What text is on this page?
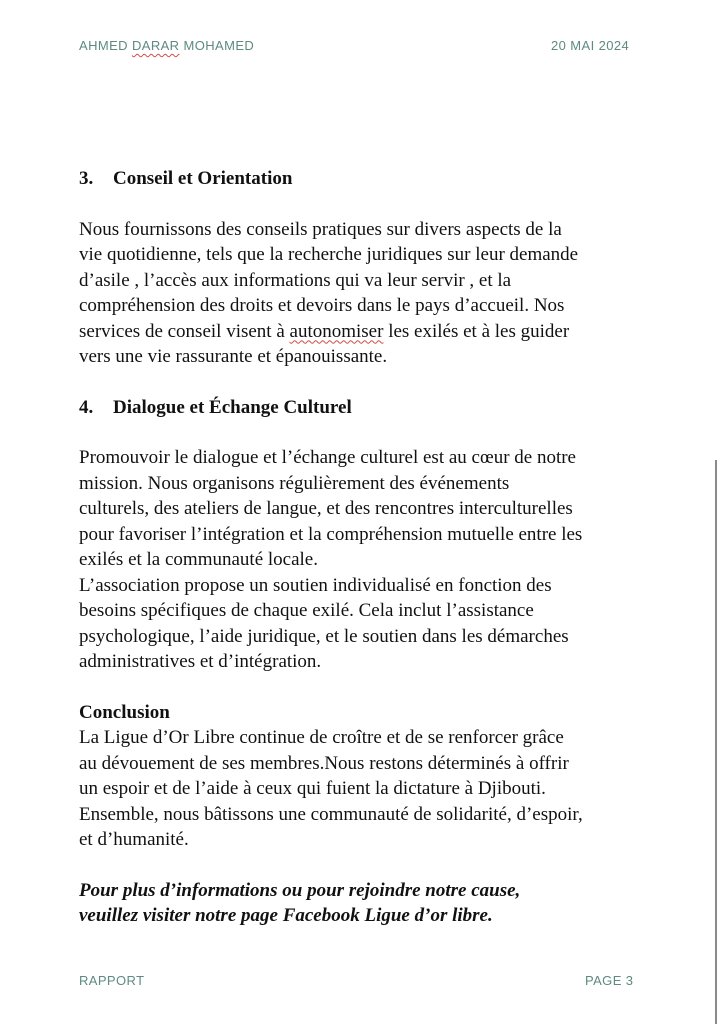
AHMED DARAR MOHAMED	20 MAI 2024
3. Conseil et Orientation

Nous fournissons des conseils pratiques sur divers aspects de la

vie quotidienne, tels que la recherche juridiques sur leur demande

d’asile , l’accès aux informations qui va leur servir , et la

compréhension des droits et devoirs dans le pays d’accueil. Nos

services de conseil visent à autonomiser les exilés et à les guider

vers une vie rassurante et épanouissante.

4. Dialogue et Échange Culturel

Promouvoir le dialogue et l’échange culturel est au cœur de notre

mission. Nous organisons régulièrement des événements

culturels, des ateliers de langue, et des rencontres interculturelles

pour favoriser l’intégration et la compréhension mutuelle entre les

exilés et la communauté locale.

L’association propose un soutien individualisé en fonction des

besoins spécifiques de chaque exilé. Cela inclut l’assistance

psychologique, l’aide juridique, et le soutien dans les démarches

administratives et d’intégration.

Conclusion

La Ligue d’Or Libre continue de croître et de se renforcer grâce

au dévouement de ses membres.Nous restons déterminés à offrir

un espoir et de l’aide à ceux qui fuient la dictature à Djibouti.

Ensemble, nous bâtissons une communauté de solidarité, d’espoir,

et d’humanité.

Pour plus d’informations ou pour rejoindre notre cause,

veuillez visiter notre page Facebook Ligue d’or libre.

RAPPORT	PAGE 3
